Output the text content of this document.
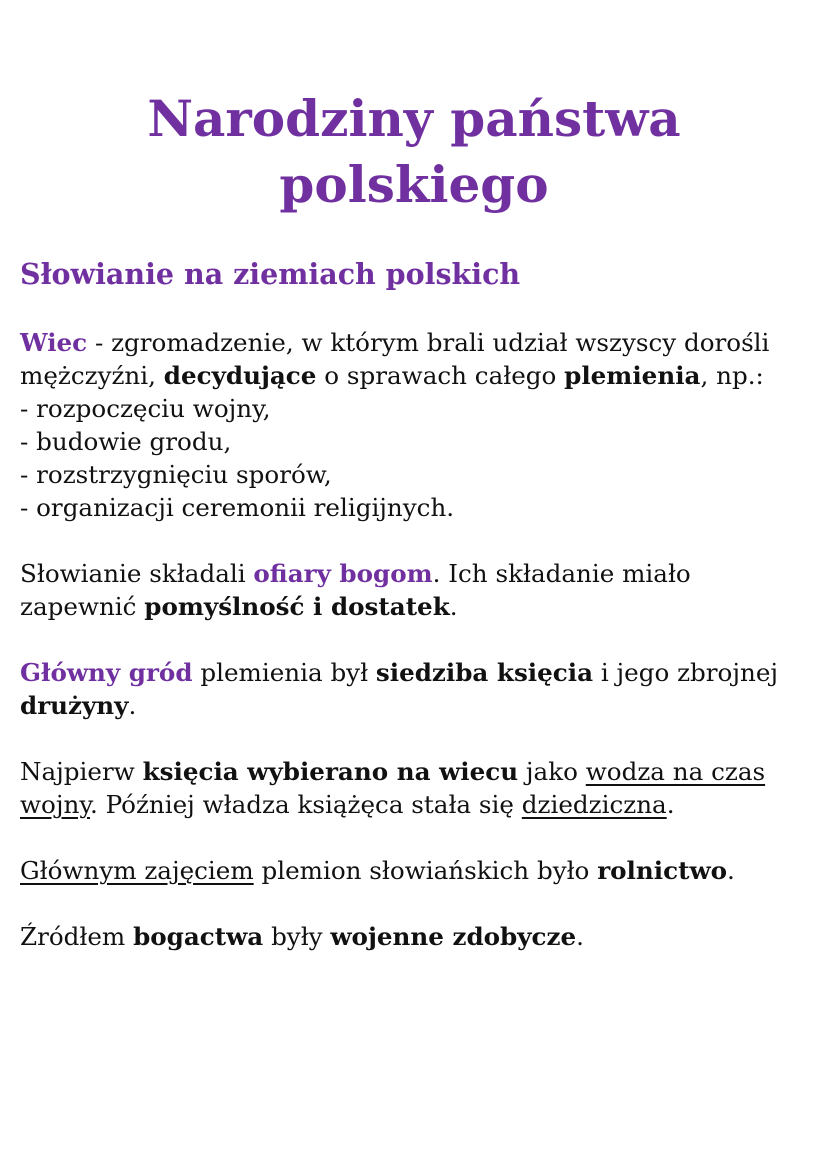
Narodziny państwa
polskiego
Słowianie na ziemiach polskich

Wiec - zgromadzenie, w którym brali udział wszyscy dorośli mężczyźni, decydujące o sprawach całego plemienia, np.:

- rozpoczęciu wojny,

- budowie grodu,

- rozstrzygnięciu sporów,

- organizacji ceremonii religijnych.

Słowianie składali ofiary bogom. Ich składanie miało zapewnić pomyślność i dostatek.

Główny gród plemienia był siedziba księcia i jego zbrojnej drużyny.

Najpierw księcia wybierano na wiecu jako wodza na czas wojny. Później władza książęca stała się dziedziczna.

Głównym zajęciem plemion słowiańskich było rolnictwo.

Źródłem bogactwa były wojenne zdobycze.
